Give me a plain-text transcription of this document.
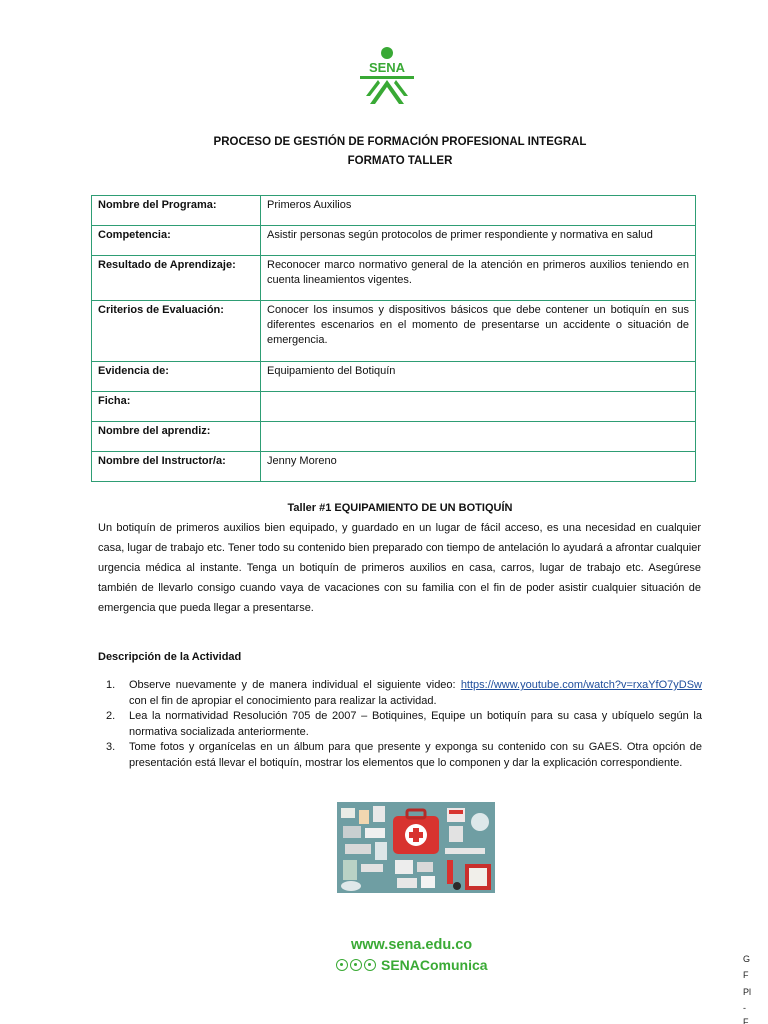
SENA
PROCESO DE GESTIÓN DE FORMACIÓN PROFESIONAL INTEGRAL
FORMATO TALLER
Nombre del Programa:	Primeros Auxilios
Competencia:	Asistir personas según protocolos de primer respondiente y normativa en salud
Resultado de Aprendizaje:	Reconocer marco normativo general de la atención en primeros auxilios teniendo en cuenta lineamientos vigentes.
Criterios de Evaluación:	Conocer los insumos y dispositivos básicos que debe contener un botiquín en sus diferentes escenarios en el momento de presentarse un accidente o situación de emergencia.
Evidencia de:	Equipamiento del Botiquín
Ficha:	
Nombre del aprendiz:	
Nombre del Instructor/a:	Jenny Moreno
Taller #1 EQUIPAMIENTO DE UN BOTIQUÍN

Un botiquín de primeros auxilios bien equipado, y guardado en un lugar de fácil acceso, es una necesidad en cualquier casa, lugar de trabajo etc. Tener todo su contenido bien preparado con tiempo de antelación lo ayudará a afrontar cualquier urgencia médica al instante. Tenga un botiquín de primeros auxilios en casa, carros, lugar de trabajo etc. Asegúrese también de llevarlo consigo cuando vaya de vacaciones con su familia con el fin de poder asistir cualquier situación de emergencia que pueda llegar a presentarse.

Descripción de la Actividad
1. Observe nuevamente y de manera individual el siguiente video: https://www.youtube.com/watch?v=rxaYfO7yDSw con el fin de apropiar el conocimiento para realizar la actividad.
2. Lea la normatividad Resolución 705 de 2007 – Botiquines, Equipe un botiquín para su casa y ubíquelo según la normativa socializada anteriormente.
3. Tome fotos y organícelas en un álbum para que presente y exponga su contenido con su GAES. Otra opción de presentación está llevar el botiquín, mostrar los elementos que lo componen y dar la explicación correspondiente.
www.sena.edu.co
SENAComunica	G
F
Pl
-
F
